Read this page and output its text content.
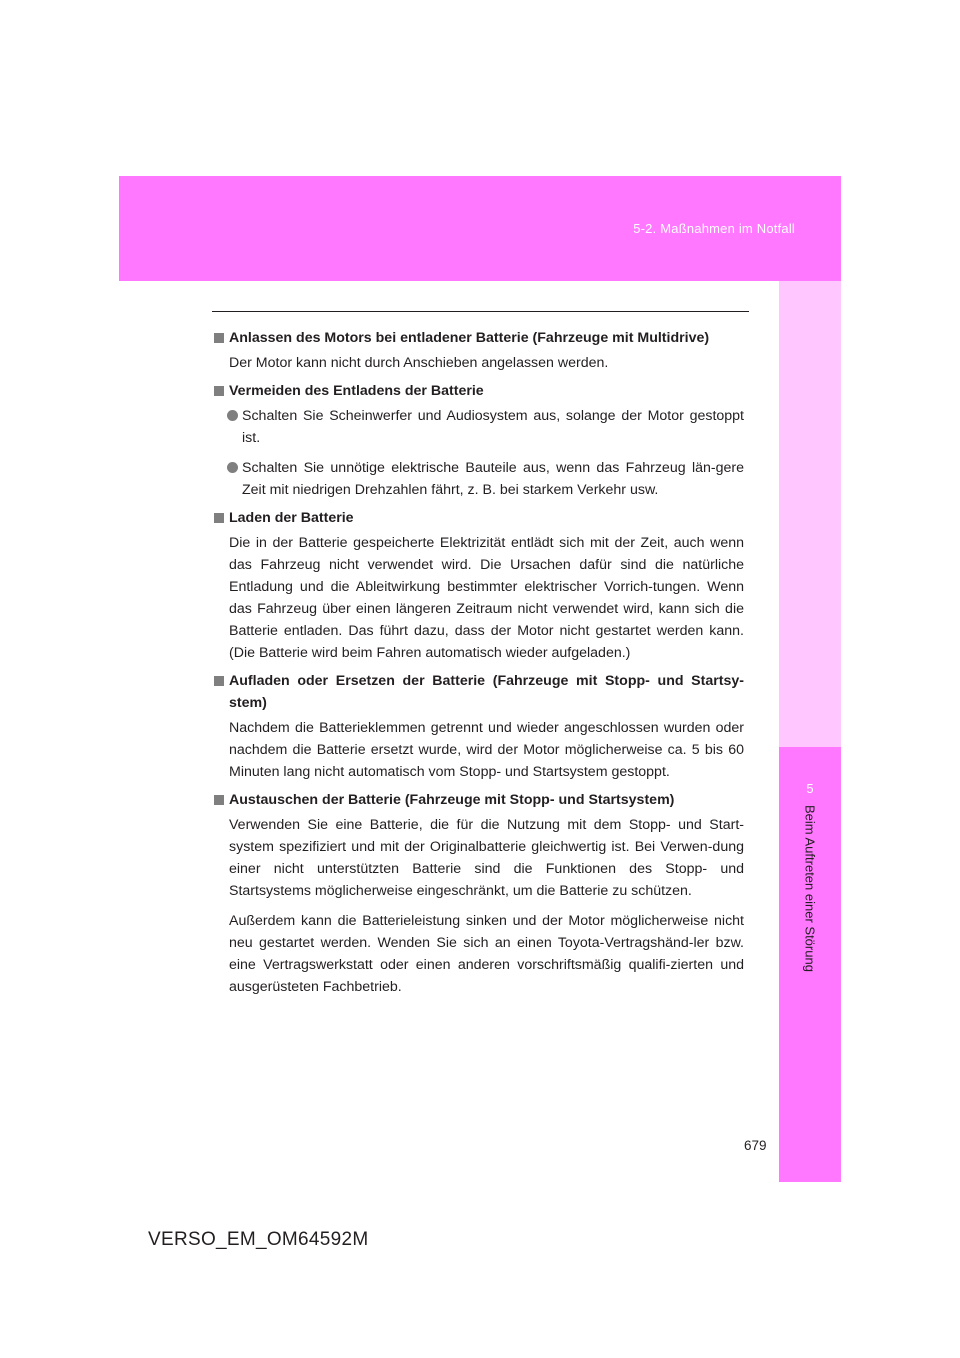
5-2. Maßnahmen im Notfall
5
Beim Auftreten einer Störung
Anlassen des Motors bei entladener Batterie (Fahrzeuge mit Multidrive)
Der Motor kann nicht durch Anschieben angelassen werden.
Vermeiden des Entladens der Batterie
Schalten Sie Scheinwerfer und Audiosystem aus, solange der Motor gestoppt ist.
Schalten Sie unnötige elektrische Bauteile aus, wenn das Fahrzeug län-gere Zeit mit niedrigen Drehzahlen fährt, z. B. bei starkem Verkehr usw.
Laden der Batterie
Die in der Batterie gespeicherte Elektrizität entlädt sich mit der Zeit, auch wenn das Fahrzeug nicht verwendet wird. Die Ursachen dafür sind die natürliche Entladung und die Ableitwirkung bestimmter elektrischer Vorrich-tungen. Wenn das Fahrzeug über einen längeren Zeitraum nicht verwendet wird, kann sich die Batterie entladen. Das führt dazu, dass der Motor nicht gestartet werden kann. (Die Batterie wird beim Fahren automatisch wieder aufgeladen.)
Aufladen oder Ersetzen der Batterie (Fahrzeuge mit Stopp- und Startsy-stem)
Nachdem die Batterieklemmen getrennt und wieder angeschlossen wurden oder nachdem die Batterie ersetzt wurde, wird der Motor möglicherweise ca. 5 bis 60 Minuten lang nicht automatisch vom Stopp- und Startsystem gestoppt.
Austauschen der Batterie (Fahrzeuge mit Stopp- und Startsystem)
Verwenden Sie eine Batterie, die für die Nutzung mit dem Stopp- und Start-system spezifiziert und mit der Originalbatterie gleichwertig ist. Bei Verwen-dung einer nicht unterstützten Batterie sind die Funktionen des Stopp- und Startsystems möglicherweise eingeschränkt, um die Batterie zu schützen.
Außerdem kann die Batterieleistung sinken und der Motor möglicherweise nicht neu gestartet werden. Wenden Sie sich an einen Toyota-Vertragshänd-ler bzw. eine Vertragswerkstatt oder einen anderen vorschriftsmäßig qualifi-zierten und ausgerüsteten Fachbetrieb.
679
VERSO_EM_OM64592M
